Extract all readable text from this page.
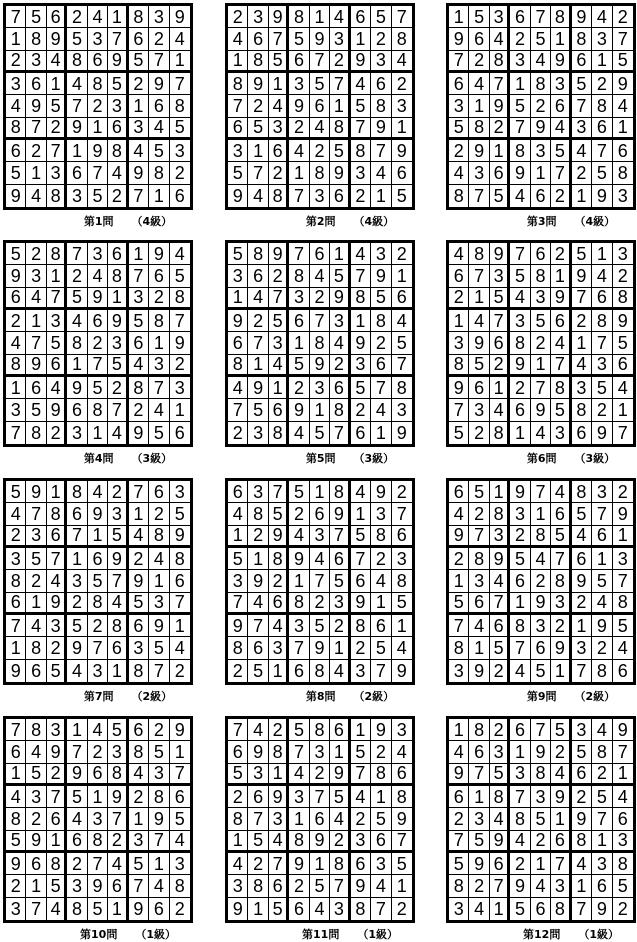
7 5 6 2 4 1 8 3 9
1 8 9 5 3 7 6 2 4
2 3 4 8 6 9 5 7 1
3 6 1 4 8 5 2 9 7
4 9 5 7 2 3 1 6 8
8 7 2 9 1 6 3 4 5
6 2 7 1 9 8 4 5 3
5 1 3 6 7 4 9 8 2
9 4 8 3 5 2 7 1 6
第1問 （4級）
2 3 9 8 1 4 6 5 7
4 6 7 5 9 3 1 2 8
1 8 5 6 7 2 9 3 4
8 9 1 3 5 7 4 6 2
7 2 4 9 6 1 5 8 3
6 5 3 2 4 8 7 9 1
3 1 6 4 2 5 8 7 9
5 7 2 1 8 9 3 4 6
9 4 8 7 3 6 2 1 5
第2問 （4級）
1 5 3 6 7 8 9 4 2
9 6 4 2 5 1 8 3 7
7 2 8 3 4 9 6 1 5
6 4 7 1 8 3 5 2 9
3 1 9 5 2 6 7 8 4
5 8 2 7 9 4 3 6 1
2 9 1 8 3 5 4 7 6
4 3 6 9 1 7 2 5 8
8 7 5 4 6 2 1 9 3
第3問 （4級）
5 2 8 7 3 6 1 9 4
9 3 1 2 4 8 7 6 5
6 4 7 5 9 1 3 2 8
2 1 3 4 6 9 5 8 7
4 7 5 8 2 3 6 1 9
8 9 6 1 7 5 4 3 2
1 6 4 9 5 2 8 7 3
3 5 9 6 8 7 2 4 1
7 8 2 3 1 4 9 5 6
第4問 （3級）
5 8 9 7 6 1 4 3 2
3 6 2 8 4 5 7 9 1
1 4 7 3 2 9 8 5 6
9 2 5 6 7 3 1 8 4
6 7 3 1 8 4 9 2 5
8 1 4 5 9 2 3 6 7
4 9 1 2 3 6 5 7 8
7 5 6 9 1 8 2 4 3
2 3 8 4 5 7 6 1 9
第5問 （3級）
4 8 9 7 6 2 5 1 3
6 7 3 5 8 1 9 4 2
2 1 5 4 3 9 7 6 8
1 4 7 3 5 6 2 8 9
3 9 6 8 2 4 1 7 5
8 5 2 9 1 7 4 3 6
9 6 1 2 7 8 3 5 4
7 3 4 6 9 5 8 2 1
5 2 8 1 4 3 6 9 7
第6問 （3級）
5 9 1 8 4 2 7 6 3
4 7 8 6 9 3 1 2 5
2 3 6 7 1 5 4 8 9
3 5 7 1 6 9 2 4 8
8 2 4 3 5 7 9 1 6
6 1 9 2 8 4 5 3 7
7 4 3 5 2 8 6 9 1
1 8 2 9 7 6 3 5 4
9 6 5 4 3 1 8 7 2
第7問 （2級）
6 3 7 5 1 8 4 9 2
4 8 5 2 6 9 1 3 7
1 2 9 4 3 7 5 8 6
5 1 8 9 4 6 7 2 3
3 9 2 1 7 5 6 4 8
7 4 6 8 2 3 9 1 5
9 7 4 3 5 2 8 6 1
8 6 3 7 9 1 2 5 4
2 5 1 6 8 4 3 7 9
第8問 （2級）
6 5 1 9 7 4 8 3 2
4 2 8 3 1 6 5 7 9
9 7 3 2 8 5 4 6 1
2 8 9 5 4 7 6 1 3
1 3 4 6 2 8 9 5 7
5 6 7 1 9 3 2 4 8
7 4 6 8 3 2 1 9 5
8 1 5 7 6 9 3 2 4
3 9 2 4 5 1 7 8 6
第9問 （2級）
7 8 3 1 4 5 6 2 9
6 4 9 7 2 3 8 5 1
1 5 2 9 6 8 4 3 7
4 3 7 5 1 9 2 8 6
8 2 6 4 3 7 1 9 5
5 9 1 6 8 2 3 7 4
9 6 8 2 7 4 5 1 3
2 1 5 3 9 6 7 4 8
3 7 4 8 5 1 9 6 2
第10問 （1級）
7 4 2 5 8 6 1 9 3
6 9 8 7 3 1 5 2 4
5 3 1 4 2 9 7 8 6
2 6 9 3 7 5 4 1 8
8 7 3 1 6 4 2 5 9
1 5 4 8 9 2 3 6 7
4 2 7 9 1 8 6 3 5
3 8 6 2 5 7 9 4 1
9 1 5 6 4 3 8 7 2
第11問 （1級）
1 8 2 6 7 5 3 4 9
4 6 3 1 9 2 5 8 7
9 7 5 3 8 4 6 2 1
6 1 8 7 3 9 2 5 4
2 3 4 8 5 1 9 7 6
7 5 9 4 2 6 8 1 3
5 9 6 2 1 7 4 3 8
8 2 7 9 4 3 1 6 5
3 4 1 5 6 8 7 9 2
第12問 （1級）
